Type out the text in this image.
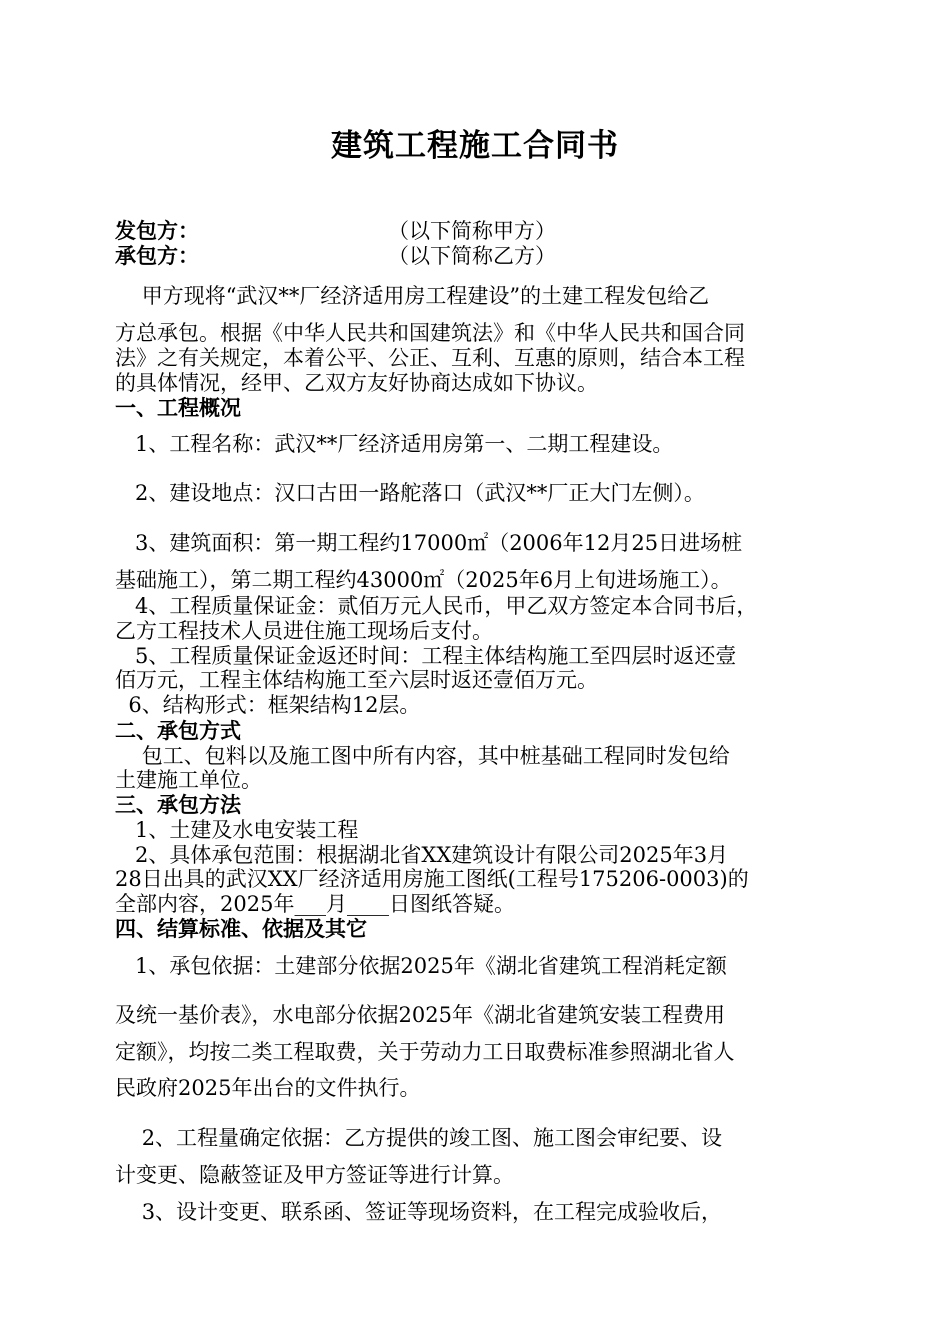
建筑工程施工合同书
发包方：	（以下简称甲方）
承包方：	（以下简称乙方）
甲方现将“武汉**厂经济适用房工程建设”的土建工程发包给乙
方总承包。根据《中华人民共和国建筑法》和《中华人民共和国合同
法》之有关规定，本着公平、公正、互利、互惠的原则，结合本工程
的具体情况，经甲、乙双方友好协商达成如下协议。
一、工程概况
1、工程名称：武汉**厂经济适用房第一、二期工程建设。
2、建设地点：汉口古田一路舵落口（武汉**厂正大门左侧）。
3、建筑面积：第一期工程约17000㎡（2006年12月25日进场桩
基础施工），第二期工程约43000㎡（2025年6月上旬进场施工）。
4、工程质量保证金：贰佰万元人民币，甲乙双方签定本合同书后，
乙方工程技术人员进住施工现场后支付。
5、工程质量保证金返还时间：工程主体结构施工至四层时返还壹
佰万元，工程主体结构施工至六层时返还壹佰万元。
6、结构形式：框架结构12层。
二、承包方式
包工、包料以及施工图中所有内容，其中桩基础工程同时发包给
土建施工单位。
三、承包方法
1、土建及水电安装工程
2、具体承包范围：根据湖北省XX建筑设计有限公司2025年3月
28日出具的武汉XX厂经济适用房施工图纸(工程号175206-0003)的
全部内容，2025年___月____日图纸答疑。
四、结算标准、依据及其它
1、承包依据：土建部分依据2025年《湖北省建筑工程消耗定额
及统一基价表》，水电部分依据2025年《湖北省建筑安装工程费用
定额》，均按二类工程取费，关于劳动力工日取费标准参照湖北省人
民政府2025年出台的文件执行。
2、工程量确定依据：乙方提供的竣工图、施工图会审纪要、设
计变更、隐蔽签证及甲方签证等进行计算。
3、设计变更、联系函、签证等现场资料，在工程完成验收后，
